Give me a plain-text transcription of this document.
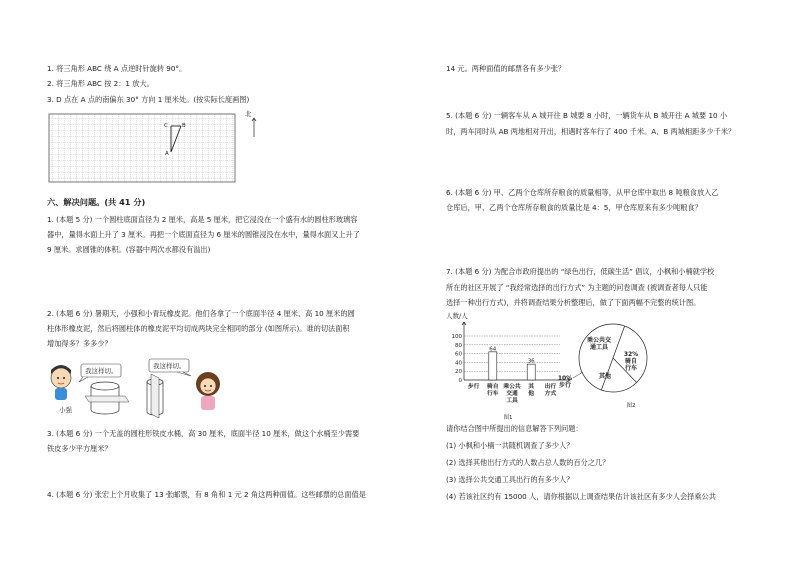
1. 将三角形 ABC 绕 A 点逆时针旋转 90°。
2. 将三角形 ABC 按 2：1 放大。
3. D 点在 A 点的南偏东 30° 方向 1 厘米处。(按实际长度画图)
C	B
A
北
六、解决问题。(共 41 分)
1. (本题 5 分) 一个圆柱底面直径为 2 厘米，高是 5 厘米，把它浸没在一个盛有水的圆柱形玻璃容
器中，量得水面上升了 3 厘米。再把一个底面直径为 6 厘米的圆锥浸没在水中，量得水面又上升了
9 厘米。求圆锥的体积。(容器中两次水都没有溢出)
2. (本题 6 分) 暑期天，小强和小青玩橡皮泥。他们各拿了一个底面半径 4 厘米、高 10 厘米的圆
柱体形橡皮泥，然后将圆柱体的橡皮泥平均切成两块完全相同的部分 (如图所示)。谁的切法面积
增加得多？多多少？
我这样切。
我这样切。
小强
3. (本题 6 分) 一个无盖的圆柱形铁皮水桶，高 30 厘米，底面半径 10 厘米，做这个水桶至少需要
铁皮多少平方厘米？
4. (本题 6 分) 张宏上个月收集了 13 张邮票，有 8 角和 1 元 2 角这两种面值。这些邮票的总面值是
14 元。两种面值的邮票各有多少张？
5. (本题 6 分) 一辆客车从 A 城开往 B 城要 8 小时，一辆货车从 B 城开往 A 城要 10 小
时，两车同时从 AB 两地相对开出，相遇时客车行了 400 千米。A、B 两城相距多少千米？
6. (本题 6 分) 甲、乙两个仓库所存粮食的质量相等，从甲仓库中取出 8 吨粮食放入乙
仓库后，甲、乙两个仓库所存粮食的质量比是 4：5，甲仓库原来有多少吨粮食？
7. (本题 6 分) 为配合市政府提出的 “绿色出行，低碳生活” 倡议，小枫和小楠就学校
所在的社区开展了 “我经常选择的出行方式” 为主题的问卷调查 (被调查者每人只能
选择一种出行方式)，并将调查结果分析整理后，做了下面两幅不完整的统计图。
人数/人
0
20
40
60
80
100
步行
64
骑自行车
乘公共交通工具
36
其他
出行方式
图1
乘公共交通工具
32%骑自行车
其他
10%步行
图2
请你结合图中所提出的信息解答下列问题：
(1) 小枫和小楠一共随机调查了多少人？
(2) 选择其他出行方式的人数占总人数的百分之几？
(3) 选择公共交通工具出行的有多少人？
(4) 若该社区约有 15000 人，请你根据以上调查结果估计该社区有多少人会择乘公共
